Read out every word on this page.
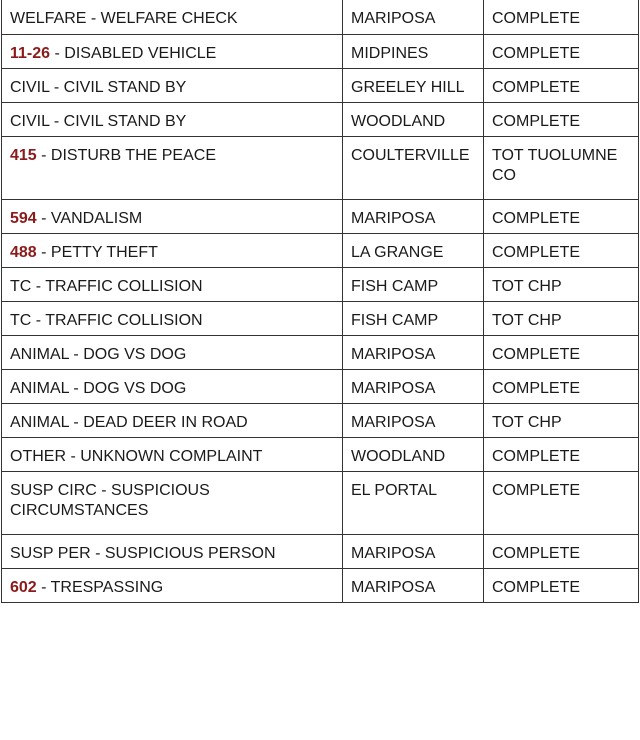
WELFARE - WELFARE CHECK	MARIPOSA	COMPLETE
11-26 - DISABLED VEHICLE	MIDPINES	COMPLETE
CIVIL - CIVIL STAND BY	GREELEY HILL	COMPLETE
CIVIL - CIVIL STAND BY	WOODLAND	COMPLETE
415 - DISTURB THE PEACE	COULTERVILLE	TOT TUOLUMNE CO
594 - VANDALISM	MARIPOSA	COMPLETE
488 - PETTY THEFT	LA GRANGE	COMPLETE
TC - TRAFFIC COLLISION	FISH CAMP	TOT CHP
TC - TRAFFIC COLLISION	FISH CAMP	TOT CHP
ANIMAL - DOG VS DOG	MARIPOSA	COMPLETE
ANIMAL - DOG VS DOG	MARIPOSA	COMPLETE
ANIMAL - DEAD DEER IN ROAD	MARIPOSA	TOT CHP
OTHER - UNKNOWN COMPLAINT	WOODLAND	COMPLETE
SUSP CIRC - SUSPICIOUS CIRCUMSTANCES	EL PORTAL	COMPLETE
SUSP PER - SUSPICIOUS PERSON	MARIPOSA	COMPLETE
602 - TRESPASSING	MARIPOSA	COMPLETE
